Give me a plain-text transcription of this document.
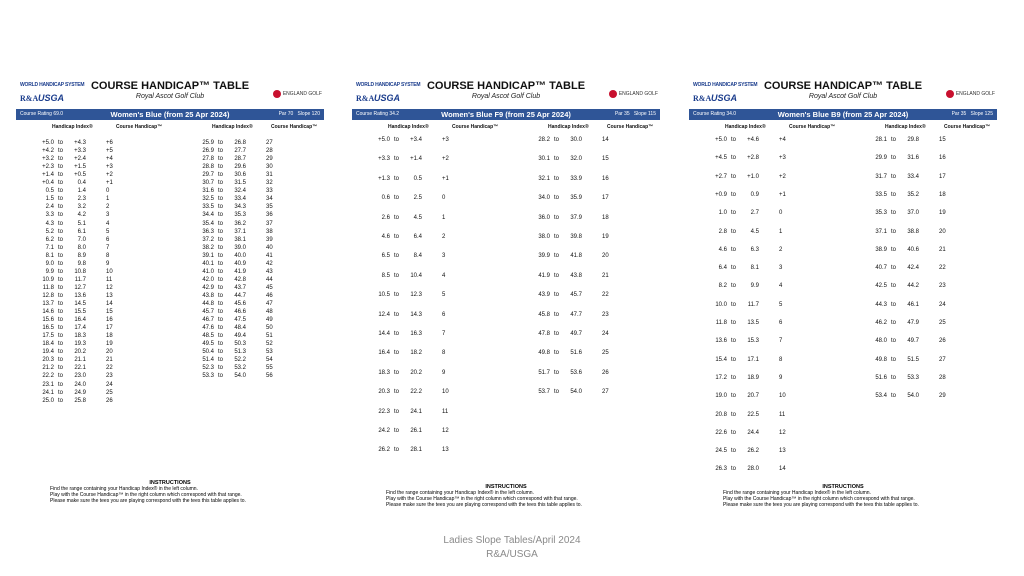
WORLD HANDICAP SYSTEM
R&A USGA
COURSE HANDICAP™ TABLE
Royal Ascot Golf Club	ENGLAND GOLF
Course Rating 69.0	Women's Blue (from 25 Apr 2024)	Par 70 Slope 120
Handicap Index®	Course Handicap™	Handicap Index®	Course Handicap™
+5.0 to	+4.3	+6
+4.2 to	+3.3	+5
+3.2 to	+2.4	+4
+2.3 to	+1.5	+3
+1.4 to	+0.5	+2
+0.4 to	0.4	+1
0.5 to	1.4	0
1.5 to	2.3	1
2.4 to	3.2	2
3.3 to	4.2	3
4.3 to	5.1	4
5.2 to	6.1	5
6.2 to	7.0	6
7.1 to	8.0	7
8.1 to	8.9	8
9.0 to	9.8	9
9.9 to	10.8	10
10.9 to	11.7	11
11.8 to	12.7	12
12.8 to	13.6	13
13.7 to	14.5	14
14.6 to	15.5	15
15.6 to	16.4	16
16.5 to	17.4	17
17.5 to	18.3	18
18.4 to	19.3	19
19.4 to	20.2	20
20.3 to	21.1	21
21.2 to	22.1	22
22.2 to	23.0	23
23.1 to	24.0	24
24.1 to	24.9	25
25.0 to	25.8	26
25.9 to	26.8	27
26.9 to	27.7	28
27.8 to	28.7	29
28.8 to	29.6	30
29.7 to	30.6	31
30.7 to	31.5	32
31.6 to	32.4	33
32.5 to	33.4	34
33.5 to	34.3	35
34.4 to	35.3	36
35.4 to	36.2	37
36.3 to	37.1	38
37.2 to	38.1	39
38.2 to	39.0	40
39.1 to	40.0	41
40.1 to	40.9	42
41.0 to	41.9	43
42.0 to	42.8	44
42.9 to	43.7	45
43.8 to	44.7	46
44.8 to	45.6	47
45.7 to	46.6	48
46.7 to	47.5	49
47.6 to	48.4	50
48.5 to	49.4	51
49.5 to	50.3	52
50.4 to	51.3	53
51.4 to	52.2	54
52.3 to	53.2	55
53.3 to	54.0	56
INSTRUCTIONS
Find the range containing your Handicap Index® in the left column.
Play with the Course Handicap™ in the right column which correspond with that range.
Please make sure the tees you are playing correspond with the tees this table applies to.
WORLD HANDICAP SYSTEM
R&A USGA
COURSE HANDICAP™ TABLE
Royal Ascot Golf Club	ENGLAND GOLF
Course Rating 34.2	Women's Blue F9 (from 25 Apr 2024)	Par 35 Slope 115
Handicap Index®	Course Handicap™	Handicap Index®	Course Handicap™
+5.0 to	+3.4	+3
+3.3 to	+1.4	+2
+1.3 to	0.5	+1
0.6 to	2.5	0
2.6 to	4.5	1
4.6 to	6.4	2
6.5 to	8.4	3
8.5 to	10.4	4
10.5 to	12.3	5
12.4 to	14.3	6
14.4 to	16.3	7
16.4 to	18.2	8
18.3 to	20.2	9
20.3 to	22.2	10
22.3 to	24.1	11
24.2 to	26.1	12
26.2 to	28.1	13
28.2 to	30.0	14
30.1 to	32.0	15
32.1 to	33.9	16
34.0 to	35.9	17
36.0 to	37.9	18
38.0 to	39.8	19
39.9 to	41.8	20
41.9 to	43.8	21
43.9 to	45.7	22
45.8 to	47.7	23
47.8 to	49.7	24
49.8 to	51.6	25
51.7 to	53.6	26
53.7 to	54.0	27
INSTRUCTIONS
Find the range containing your Handicap Index® in the left column.
Play with the Course Handicap™ in the right column which correspond with that range.
Please make sure the tees you are playing correspond with the tees this table applies to.
WORLD HANDICAP SYSTEM
R&A USGA
COURSE HANDICAP™ TABLE
Royal Ascot Golf Club	ENGLAND GOLF
Course Rating 34.0	Women's Blue B9 (from 25 Apr 2024)	Par 35 Slope 125
Handicap Index®	Course Handicap™	Handicap Index®	Course Handicap™
+5.0 to	+4.6	+4
+4.5 to	+2.8	+3
+2.7 to	+1.0	+2
+0.9 to	0.9	+1
1.0 to	2.7	0
2.8 to	4.5	1
4.6 to	6.3	2
6.4 to	8.1	3
8.2 to	9.9	4
10.0 to	11.7	5
11.8 to	13.5	6
13.6 to	15.3	7
15.4 to	17.1	8
17.2 to	18.9	9
19.0 to	20.7	10
20.8 to	22.5	11
22.6 to	24.4	12
24.5 to	26.2	13
26.3 to	28.0	14
28.1 to	29.8	15
29.9 to	31.6	16
31.7 to	33.4	17
33.5 to	35.2	18
35.3 to	37.0	19
37.1 to	38.8	20
38.9 to	40.6	21
40.7 to	42.4	22
42.5 to	44.2	23
44.3 to	46.1	24
46.2 to	47.9	25
48.0 to	49.7	26
49.8 to	51.5	27
51.6 to	53.3	28
53.4 to	54.0	29
INSTRUCTIONS
Find the range containing your Handicap Index® in the left column.
Play with the Course Handicap™ in the right column which correspond with that range.
Please make sure the tees you are playing correspond with the tees this table applies to.
Ladies Slope Tables/April 2024
R&A/USGA
